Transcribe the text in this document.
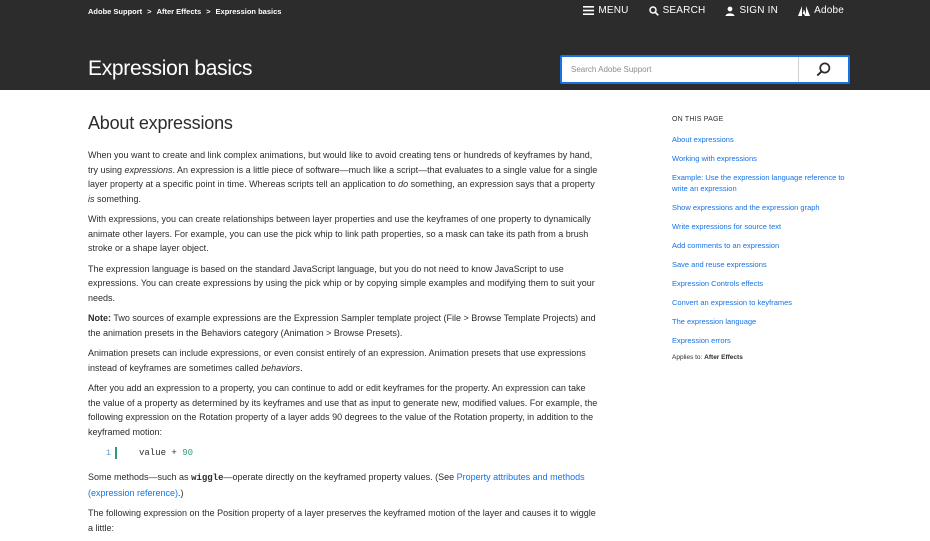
Adobe Support > After Effects > Expression basics	MENU	SEARCH	SIGN IN	Adobe
Expression basics
Search Adobe Support
About expressions

When you want to create and link complex animations, but would like to avoid creating tens or hundreds of keyframes by hand, try using expressions. An expression is a little piece of software—much like a script—that evaluates to a single value for a single layer property at a specific point in time. Whereas scripts tell an application to do something, an expression says that a property is something.

With expressions, you can create relationships between layer properties and use the keyframes of one property to dynamically animate other layers. For example, you can use the pick whip to link path properties, so a mask can take its path from a brush stroke or a shape layer object.

The expression language is based on the standard JavaScript language, but you do not need to know JavaScript to use expressions. You can create expressions by using the pick whip or by copying simple examples and modifying them to suit your needs.

Note: Two sources of example expressions are the Expression Sampler template project (File > Browse Template Projects) and the animation presets in the Behaviors category (Animation > Browse Presets).

Animation presets can include expressions, or even consist entirely of an expression. Animation presets that use expressions instead of keyframes are sometimes called behaviors.

After you add an expression to a property, you can continue to add or edit keyframes for the property. An expression can take the value of a property as determined by its keyframes and use that as input to generate new, modified values. For example, the following expression on the Rotation property of a layer adds 90 degrees to the value of the Rotation property, in addition to the keyframed motion:

1	value + 90

Some methods—such as wiggle—operate directly on the keyframed property values. (See Property attributes and methods (expression reference).)

The following expression on the Position property of a layer preserves the keyframed motion of the layer and causes it to wiggle a little:

ON THIS PAGE
About expressions
Working with expressions
Example: Use the expression language reference to write an expression
Show expressions and the expression graph
Write expressions for source text
Add comments to an expression
Save and reuse expressions
Expression Controls effects
Convert an expression to keyframes
The expression language
Expression errors
Applies to: After Effects
